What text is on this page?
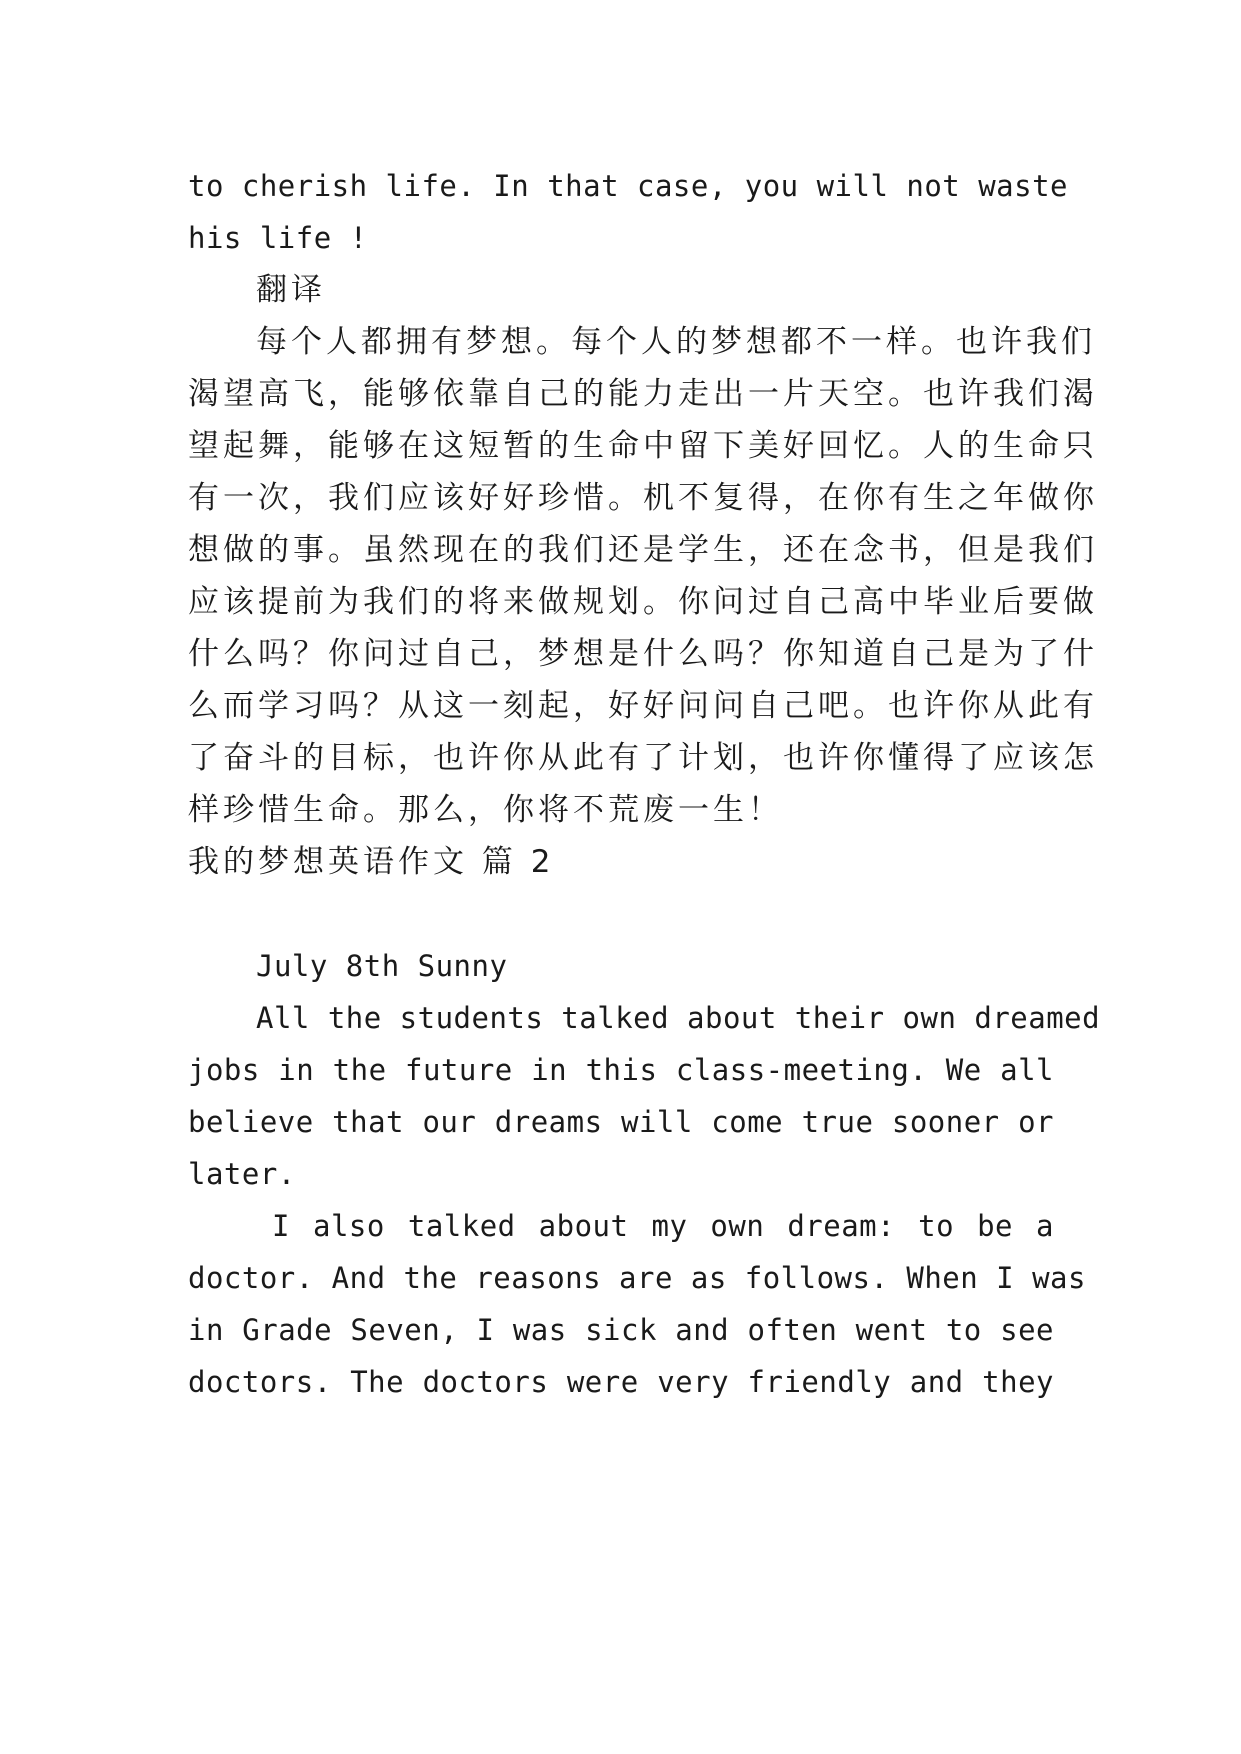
to cherish life. In that case, you will not waste
his life !
翻译
每个人都拥有梦想。每个人的梦想都不一样。也许我们
渴望高飞，能够依靠自己的能力走出一片天空。也许我们渴
望起舞，能够在这短暂的生命中留下美好回忆。人的生命只
有一次，我们应该好好珍惜。机不复得，在你有生之年做你
想做的事。虽然现在的我们还是学生，还在念书，但是我们
应该提前为我们的将来做规划。你问过自己高中毕业后要做
什么吗？你问过自己，梦想是什么吗？你知道自己是为了什
么而学习吗？从这一刻起，好好问问自己吧。也许你从此有
了奋斗的目标，也许你从此有了计划，也许你懂得了应该怎
样珍惜生命。那么，你将不荒废一生！
我的梦想英语作文 篇 2
July 8th Sunny
All the students talked about their own dreamed
jobs in the future in this class-meeting. We all
believe that our dreams will come true sooner or
later.
I also talked about my own dream: to be a
doctor. And the reasons are as follows. When I was
in Grade Seven, I was sick and often went to see
doctors. The doctors were very friendly and they
